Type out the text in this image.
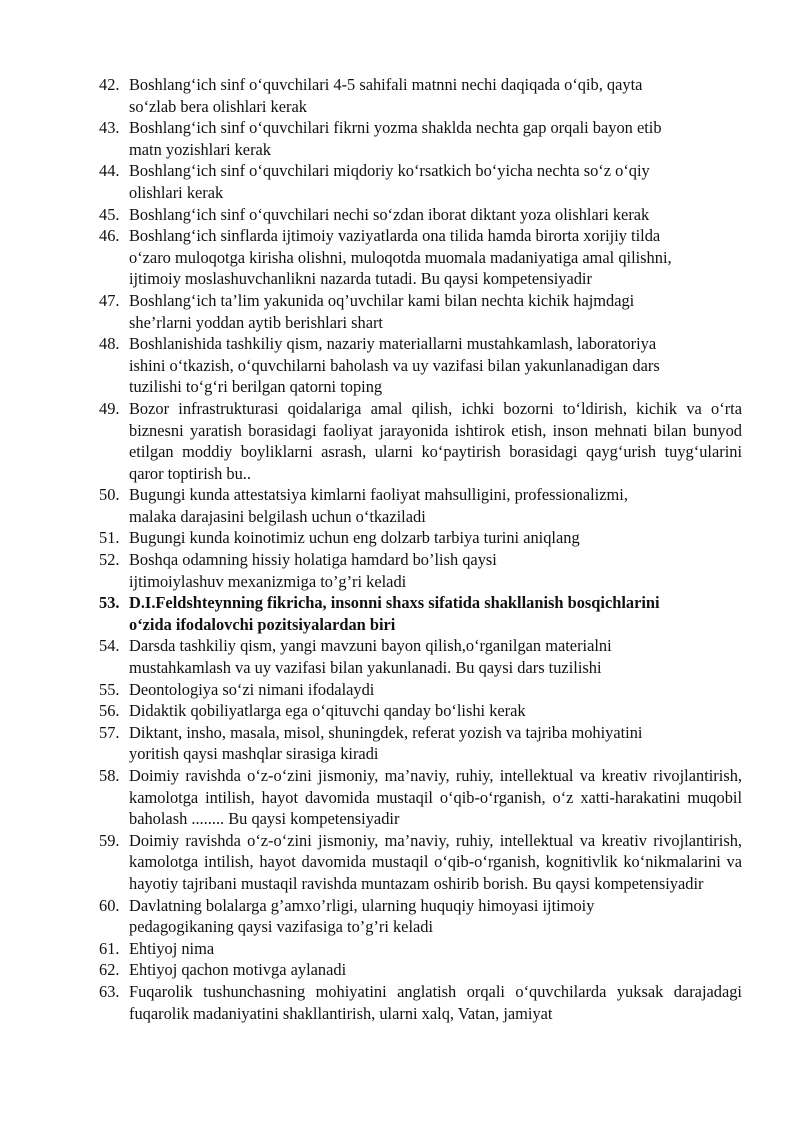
42. Boshlang‘ich sinf o‘quvchilari 4-5 sahifali matnni nechi daqiqada o‘qib, qayta
so‘zlab bera olishlari kerak
43. Boshlang‘ich sinf o‘quvchilari fikrni yozma shaklda nechta gap orqali bayon etib
matn yozishlari kerak
44. Boshlang‘ich sinf o‘quvchilari miqdoriy ko‘rsatkich bo‘yicha nechta so‘z o‘qiy
olishlari kerak
45. Boshlang‘ich sinf o‘quvchilari nechi so‘zdan iborat diktant yoza olishlari kerak
46. Boshlang‘ich sinflarda ijtimoiy vaziyatlarda ona tilida hamda birorta xorijiy tilda
o‘zaro muloqotga kirisha olishni, muloqotda muomala madaniyatiga amal qilishni,
ijtimoiy moslashuvchanlikni nazarda tutadi. Bu qaysi kompetensiyadir
47. Boshlang‘ich ta’lim yakunida oq’uvchilar kami bilan nechta kichik hajmdagi
she’rlarni yoddan aytib berishlari shart
48. Boshlanishida tashkiliy qism, nazariy materiallarni mustahkamlash, laboratoriya
ishini o‘tkazish, o‘quvchilarni baholash va uy vazifasi bilan yakunlanadigan dars
tuzilishi to‘g‘ri berilgan qatorni toping
49. Bozor infrastrukturasi qoidalariga amal qilish, ichki bozorni to‘ldirish, kichik va o‘rta biznesni yaratish borasidagi faoliyat jarayonida ishtirok etish, inson mehnati bilan bunyod etilgan moddiy boyliklarni asrash, ularni ko‘paytirish borasidagi qayg‘urish tuyg‘ularini qaror toptirish bu..
50. Bugungi kunda attestatsiya kimlarni faoliyat mahsulligini, professionalizmi,
malaka darajasini belgilash uchun o‘tkaziladi
51. Bugungi kunda koinotimiz uchun eng dolzarb tarbiya turini aniqlang
52. Boshqa odamning hissiy holatiga hamdard bo’lish qaysi
ijtimoiylashuv mexanizmiga to’g’ri keladi
53. D.I.Feldshteynning fikricha, insonni shaxs sifatida shakllanish bosqichlarini
o‘zida ifodalovchi pozitsiyalardan biri
54. Darsda tashkiliy qism, yangi mavzuni bayon qilish,o‘rganilgan materialni
mustahkamlash va uy vazifasi bilan yakunlanadi. Bu qaysi dars tuzilishi
55. Deontologiya so‘zi nimani ifodalaydi
56. Didaktik qobiliyatlarga ega o‘qituvchi qanday bo‘lishi kerak
57. Diktant, insho, masala, misol, shuningdek, referat yozish va tajriba mohiyatini
yoritish qaysi mashqlar sirasiga kiradi
58. Doimiy ravishda o‘z-o‘zini jismoniy, ma’naviy, ruhiy, intellektual va kreativ rivojlantirish, kamolotga intilish, hayot davomida mustaqil o‘qib-o‘rganish, o‘z xatti-harakatini muqobil baholash ........ Bu qaysi kompetensiyadir
59. Doimiy ravishda o‘z-o‘zini jismoniy, ma’naviy, ruhiy, intellektual va kreativ rivojlantirish, kamolotga intilish, hayot davomida mustaqil o‘qib-o‘rganish, kognitivlik ko‘nikmalarini va hayotiy tajribani mustaqil ravishda muntazam oshirib borish. Bu qaysi kompetensiyadir
60. Davlatning bolalarga g’amxo’rligi, ularning huquqiy himoyasi ijtimoiy
pedagogikaning qaysi vazifasiga to’g’ri keladi
61. Ehtiyoj nima
62. Ehtiyoj qachon motivga aylanadi
63. Fuqarolik tushunchasning mohiyatini anglatish orqali o‘quvchilarda yuksak darajadagi fuqarolik madaniyatini shakllantirish, ularni xalq, Vatan, jamiyat
